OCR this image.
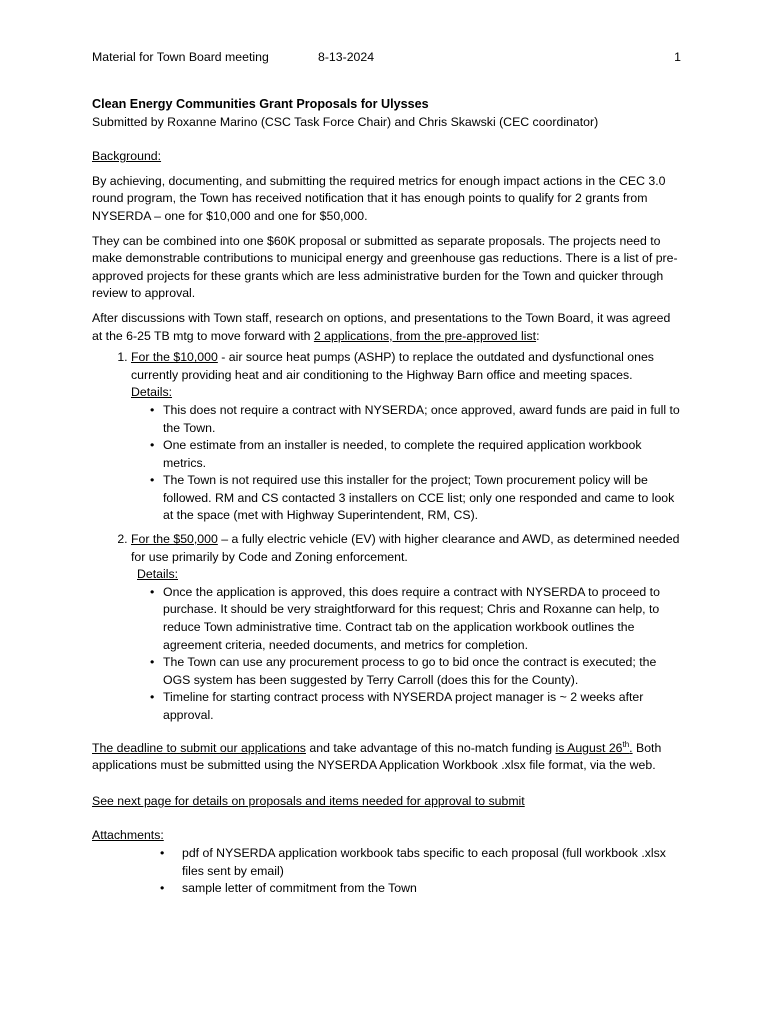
Material for Town Board meeting	8-13-2024	1

Clean Energy Communities Grant Proposals for Ulysses

Submitted by Roxanne Marino (CSC Task Force Chair) and Chris Skawski (CEC coordinator)

Background:

By achieving, documenting, and submitting the required metrics for enough impact actions in the CEC 3.0 round program, the Town has received notification that it has enough points to qualify for 2 grants from NYSERDA – one for $10,000 and one for $50,000.

They can be combined into one $60K proposal or submitted as separate proposals. The projects need to make demonstrable contributions to municipal energy and greenhouse gas reductions. There is a list of pre-approved projects for these grants which are less administrative burden for the Town and quicker through review to approval.

After discussions with Town staff, research on options, and presentations to the Town Board, it was agreed at the 6-25 TB mtg to move forward with 2 applications, from the pre-approved list:

1. For the $10,000 - air source heat pumps (ASHP) to replace the outdated and dysfunctional ones currently providing heat and air conditioning to the Highway Barn office and meeting spaces.
Details:
• This does not require a contract with NYSERDA; once approved, award funds are paid in full to the Town.
• One estimate from an installer is needed, to complete the required application workbook metrics.
• The Town is not required use this installer for the project; Town procurement policy will be followed. RM and CS contacted 3 installers on CCE list; only one responded and came to look at the space (met with Highway Superintendent, RM, CS).
2. For the $50,000 – a fully electric vehicle (EV) with higher clearance and AWD, as determined needed for use primarily by Code and Zoning enforcement.
Details:
• Once the application is approved, this does require a contract with NYSERDA to proceed to purchase. It should be very straightforward for this request; Chris and Roxanne can help, to reduce Town administrative time. Contract tab on the application workbook outlines the agreement criteria, needed documents, and metrics for completion.
• The Town can use any procurement process to go to bid once the contract is executed; the OGS system has been suggested by Terry Carroll (does this for the County).
• Timeline for starting contract process with NYSERDA project manager is ~ 2 weeks after approval.

The deadline to submit our applications and take advantage of this no-match funding is August 26th. Both applications must be submitted using the NYSERDA Application Workbook .xlsx file format, via the web.

See next page for details on proposals and items needed for approval to submit

Attachments:

• pdf of NYSERDA application workbook tabs specific to each proposal (full workbook .xlsx files sent by email)
• sample letter of commitment from the Town
